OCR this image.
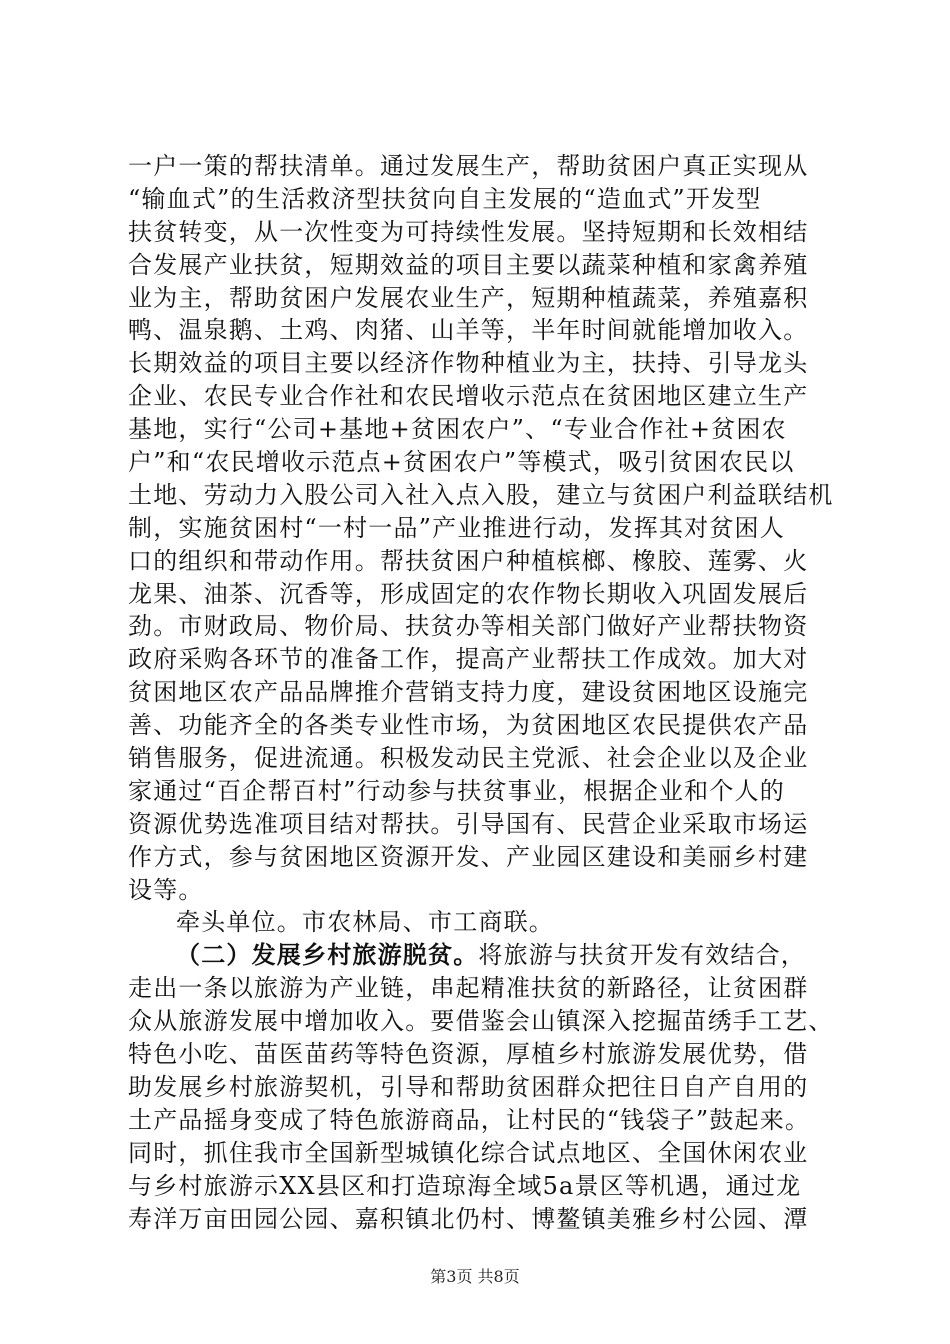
一户一策的帮扶清单。通过发展生产，帮助贫困户真正实现从
“输血式”的生活救济型扶贫向自主发展的“造血式”开发型
扶贫转变，从一次性变为可持续性发展。坚持短期和长效相结
合发展产业扶贫，短期效益的项目主要以蔬菜种植和家禽养殖
业为主，帮助贫困户发展农业生产，短期种植蔬菜，养殖嘉积
鸭、温泉鹅、土鸡、肉猪、山羊等，半年时间就能增加收入。
长期效益的项目主要以经济作物种植业为主，扶持、引导龙头
企业、农民专业合作社和农民增收示范点在贫困地区建立生产
基地，实行“公司+基地+贫困农户”、“专业合作社+贫困农
户”和“农民增收示范点+贫困农户”等模式，吸引贫困农民以
土地、劳动力入股公司入社入点入股，建立与贫困户利益联结机
制，实施贫困村“一村一品”产业推进行动，发挥其对贫困人
口的组织和带动作用。帮扶贫困户种植槟榔、橡胶、莲雾、火
龙果、油茶、沉香等，形成固定的农作物长期收入巩固发展后
劲。市财政局、物价局、扶贫办等相关部门做好产业帮扶物资
政府采购各环节的准备工作，提高产业帮扶工作成效。加大对
贫困地区农产品品牌推介营销支持力度，建设贫困地区设施完
善、功能齐全的各类专业性市场，为贫困地区农民提供农产品
销售服务，促进流通。积极发动民主党派、社会企业以及企业
家通过“百企帮百村”行动参与扶贫事业，根据企业和个人的
资源优势选准项目结对帮扶。引导国有、民营企业采取市场运
作方式，参与贫困地区资源开发、产业园区建设和美丽乡村建
设等。
牵头单位。市农林局、市工商联。
（二）发展乡村旅游脱贫。将旅游与扶贫开发有效结合，
走出一条以旅游为产业链，串起精准扶贫的新路径，让贫困群
众从旅游发展中增加收入。要借鉴会山镇深入挖掘苗绣手工艺、
特色小吃、苗医苗药等特色资源，厚植乡村旅游发展优势，借
助发展乡村旅游契机，引导和帮助贫困群众把往日自产自用的
土产品摇身变成了特色旅游商品，让村民的“钱袋子”鼓起来。
同时，抓住我市全国新型城镇化综合试点地区、全国休闲农业
与乡村旅游示XX县区和打造琼海全域5a景区等机遇，通过龙
寿洋万亩田园公园、嘉积镇北仍村、博鳌镇美雅乡村公园、潭
第3页 共8页
